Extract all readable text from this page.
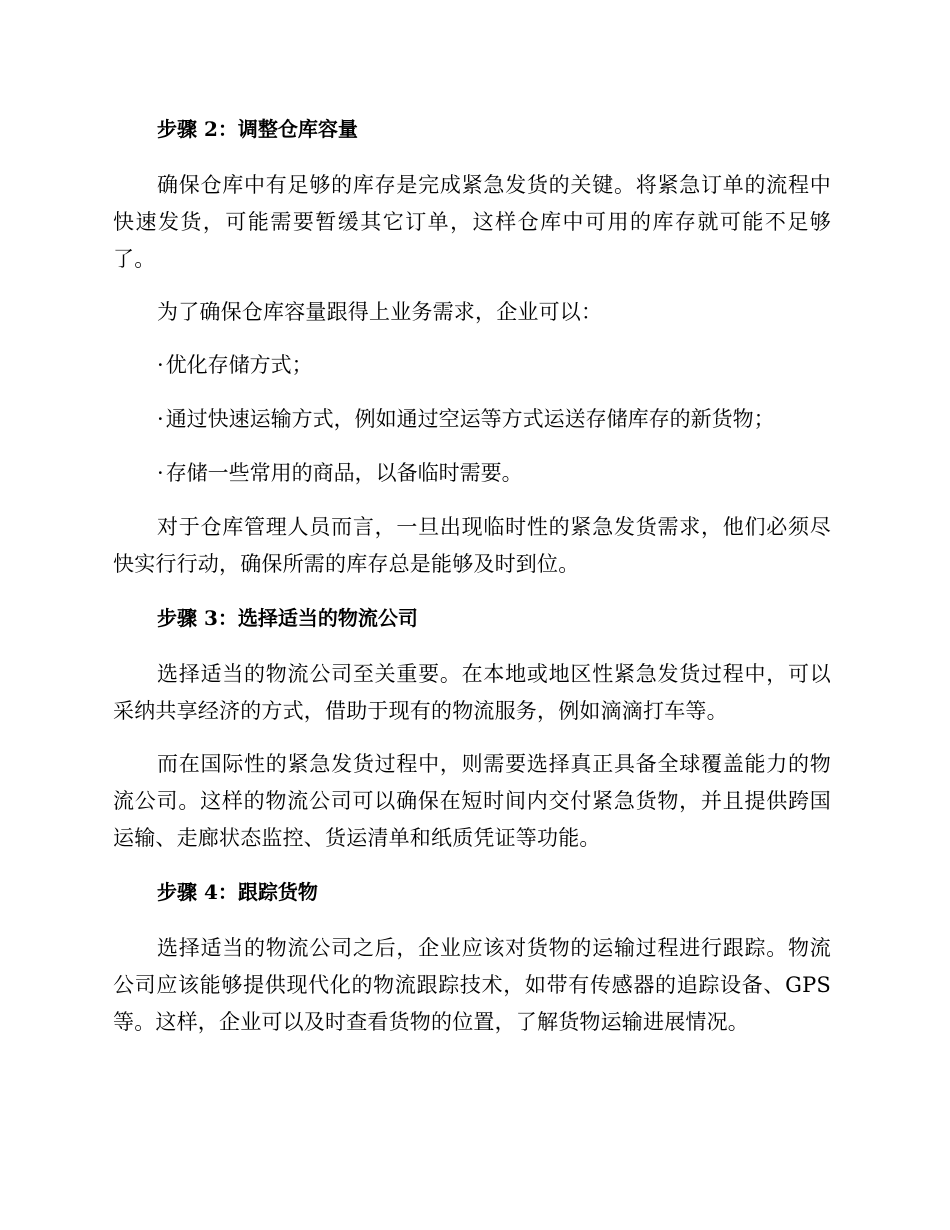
步骤 2：调整仓库容量

确保仓库中有足够的库存是完成紧急发货的关键。将紧急订单的流程中快速发货，可能需要暂缓其它订单，这样仓库中可用的库存就可能不足够了。

为了确保仓库容量跟得上业务需求，企业可以：

·优化存储方式；

·通过快速运输方式，例如通过空运等方式运送存储库存的新货物；

·存储一些常用的商品，以备临时需要。

对于仓库管理人员而言，一旦出现临时性的紧急发货需求，他们必须尽快实行行动，确保所需的库存总是能够及时到位。

步骤 3：选择适当的物流公司

选择适当的物流公司至关重要。在本地或地区性紧急发货过程中，可以采纳共享经济的方式，借助于现有的物流服务，例如滴滴打车等。

而在国际性的紧急发货过程中，则需要选择真正具备全球覆盖能力的物流公司。这样的物流公司可以确保在短时间内交付紧急货物，并且提供跨国运输、走廊状态监控、货运清单和纸质凭证等功能。

步骤 4：跟踪货物

选择适当的物流公司之后，企业应该对货物的运输过程进行跟踪。物流公司应该能够提供现代化的物流跟踪技术，如带有传感器的追踪设备、GPS等。这样，企业可以及时查看货物的位置，了解货物运输进展情况。
